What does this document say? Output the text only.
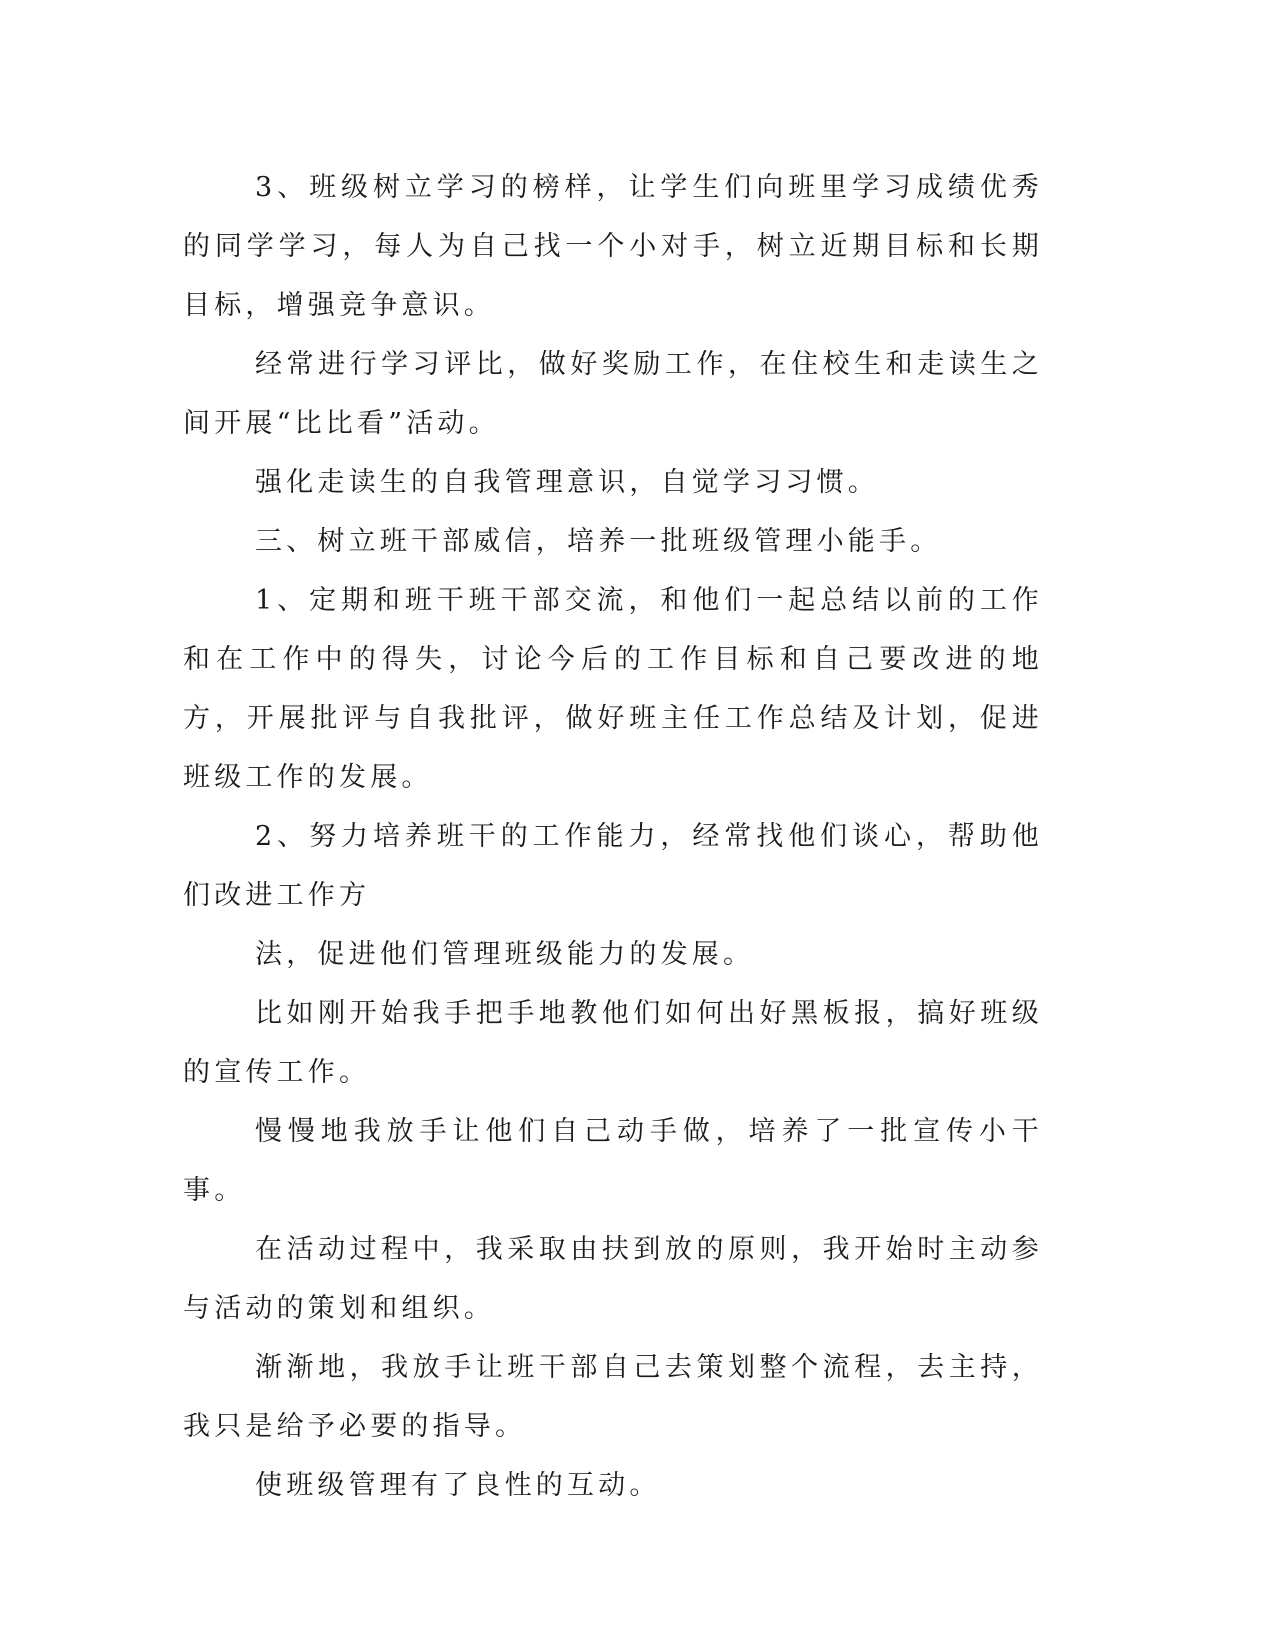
3、班级树立学习的榜样，让学生们向班里学习成绩优秀的同学学习，每人为自己找一个小对手，树立近期目标和长期目标，增强竞争意识。

经常进行学习评比，做好奖励工作，在住校生和走读生之间开展“比比看”活动。

强化走读生的自我管理意识，自觉学习习惯。

三、树立班干部威信，培养一批班级管理小能手。

1、定期和班干班干部交流，和他们一起总结以前的工作和在工作中的得失，讨论今后的工作目标和自己要改进的地方，开展批评与自我批评，做好班主任工作总结及计划，促进班级工作的发展。

2、努力培养班干的工作能力，经常找他们谈心，帮助他们改进工作方

法，促进他们管理班级能力的发展。

比如刚开始我手把手地教他们如何出好黑板报，搞好班级的宣传工作。

慢慢地我放手让他们自己动手做，培养了一批宣传小干事。

在活动过程中，我采取由扶到放的原则，我开始时主动参与活动的策划和组织。

渐渐地，我放手让班干部自己去策划整个流程，去主持，我只是给予必要的指导。

使班级管理有了良性的互动。
